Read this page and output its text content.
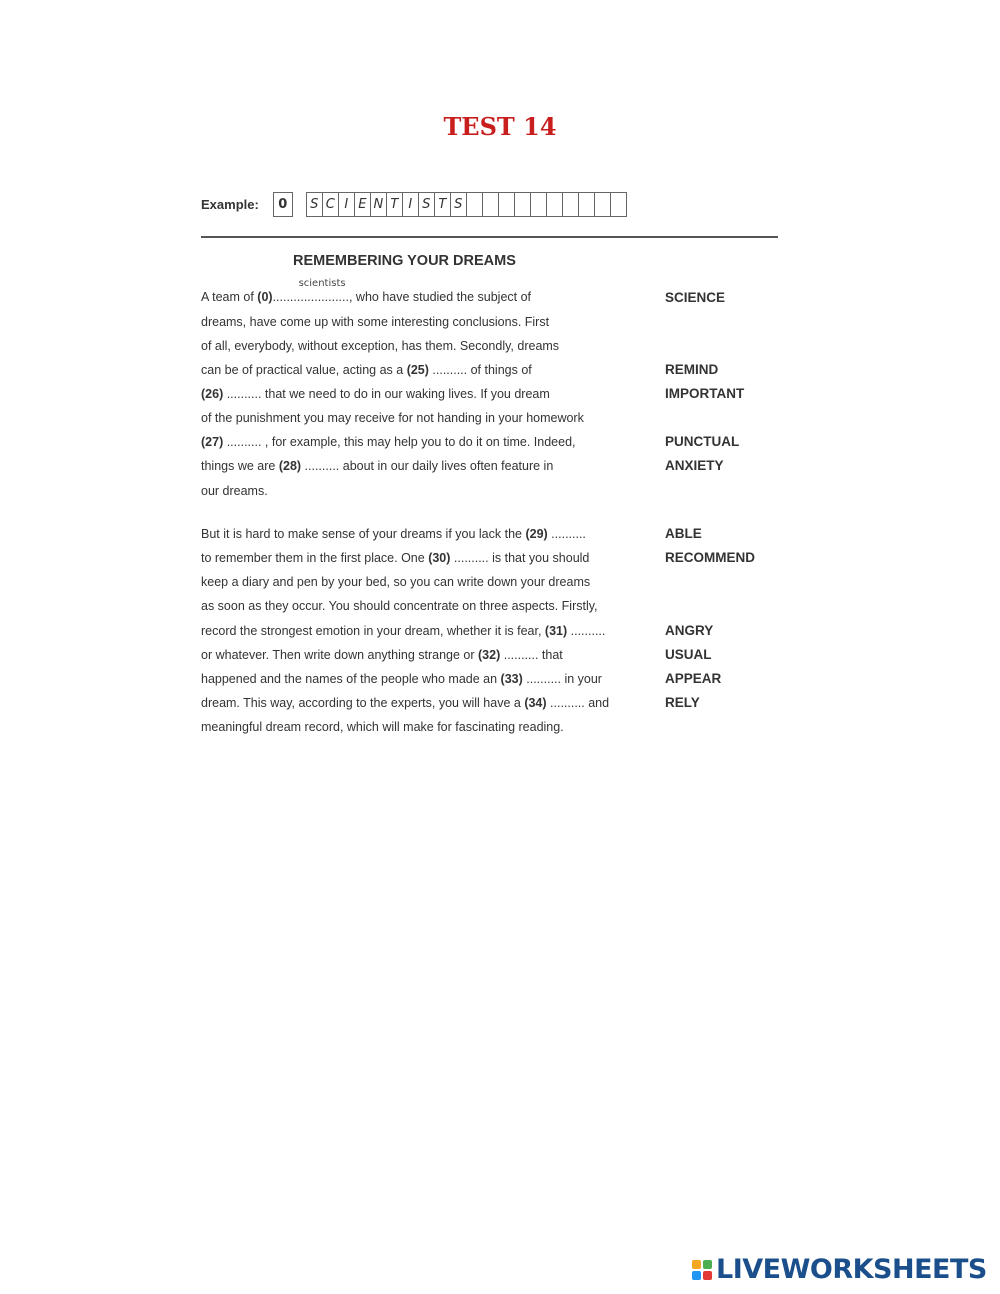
TEST 14
Example:	0	S C I E N T I S T S
REMEMBERING YOUR DREAMS
A team of (0)......................
scientists
, who have studied the subject of
dreams, have come up with some interesting conclusions. First
of all, everybody, without exception, has them. Secondly, dreams
can be of practical value, acting as a (25) .......... of things of
(26) .......... that we need to do in our waking lives. If you dream
of the punishment you may receive for not handing in your homework
(27) .......... , for example, this may help you to do it on time. Indeed,
things we are (28) .......... about in our daily lives often feature in
our dreams.
But it is hard to make sense of your dreams if you lack the (29) ..........
to remember them in the first place. One (30) .......... is that you should
keep a diary and pen by your bed, so you can write down your dreams
as soon as they occur. You should concentrate on three aspects. Firstly,
record the strongest emotion in your dream, whether it is fear, (31) ..........
or whatever. Then write down anything strange or (32) .......... that
happened and the names of the people who made an (33) .......... in your
dream. This way, according to the experts, you will have a (34) .......... and
meaningful dream record, which will make for fascinating reading.
SCIENCE
REMIND
IMPORTANT
PUNCTUAL
ANXIETY
ABLE
RECOMMEND
ANGRY
USUAL
APPEAR
RELY
LIVEWORKSHEETS
